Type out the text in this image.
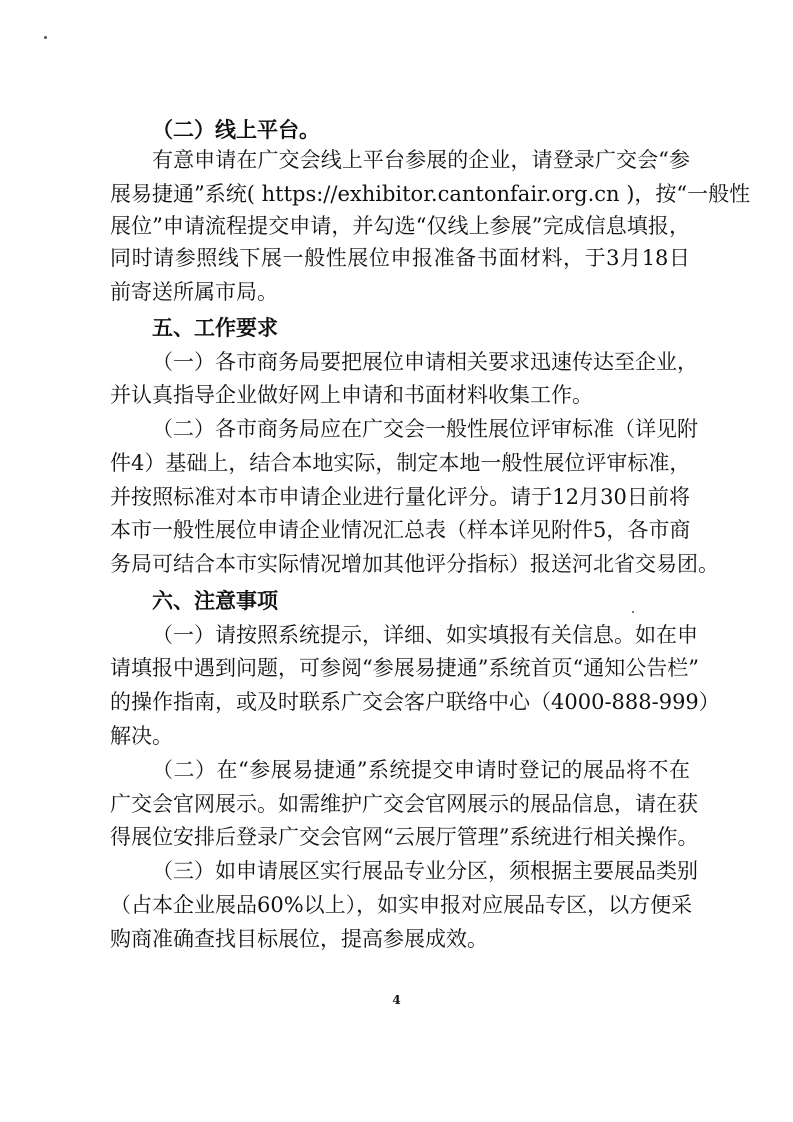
（二）线上平台。
有意申请在广交会线上平台参展的企业，请登录广交会“参
展易捷通”系统( https://exhibitor.cantonfair.org.cn )，按“一般性
展位”申请流程提交申请，并勾选“仅线上参展”完成信息填报，
同时请参照线下展一般性展位申报准备书面材料，于3月18日
前寄送所属市局。
五、工作要求
（一）各市商务局要把展位申请相关要求迅速传达至企业，
并认真指导企业做好网上申请和书面材料收集工作。
（二）各市商务局应在广交会一般性展位评审标准（详见附
件4）基础上，结合本地实际，制定本地一般性展位评审标准，
并按照标准对本市申请企业进行量化评分。请于12月30日前将
本市一般性展位申请企业情况汇总表（样本详见附件5，各市商
务局可结合本市实际情况增加其他评分指标）报送河北省交易团。
六、注意事项
（一）请按照系统提示，详细、如实填报有关信息。如在申
请填报中遇到问题，可参阅“参展易捷通”系统首页“通知公告栏”
的操作指南，或及时联系广交会客户联络中心（4000-888-999）
解决。
（二）在“参展易捷通”系统提交申请时登记的展品将不在
广交会官网展示。如需维护广交会官网展示的展品信息，请在获
得展位安排后登录广交会官网“云展厅管理”系统进行相关操作。
（三）如申请展区实行展品专业分区，须根据主要展品类别
（占本企业展品60%以上），如实申报对应展品专区，以方便采
购商准确查找目标展位，提高参展成效。
4
